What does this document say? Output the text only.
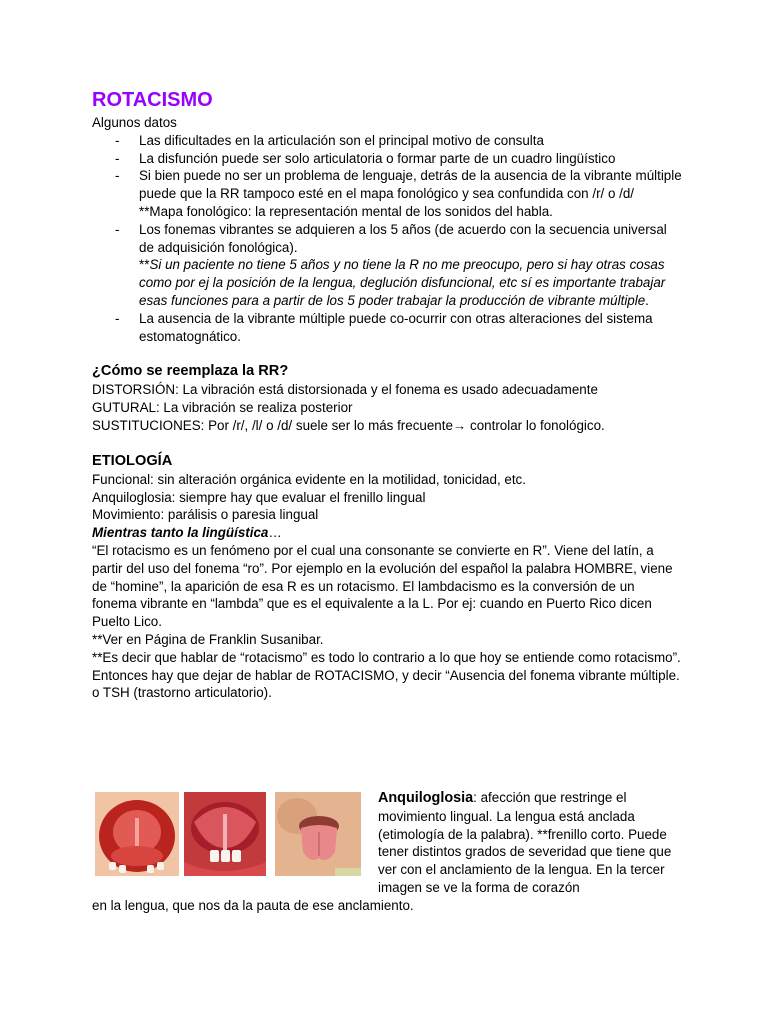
ROTACISMO

Algunos datos

- Las dificultades en la articulación son el principal motivo de consulta
- La disfunción puede ser solo articulatoria o formar parte de un cuadro lingüístico
- Si bien puede no ser un problema de lenguaje, detrás de la ausencia de la vibrante múltiple puede que la RR tampoco esté en el mapa fonológico y sea confundida con /r/ o /d/
**Mapa fonológico: la representación mental de los sonidos del habla.
- Los fonemas vibrantes se adquieren a los 5 años (de acuerdo con la secuencia universal de adquisición fonológica).
**Si un paciente no tiene 5 años y no tiene la R no me preocupo, pero si hay otras cosas como por ej la posición de la lengua, deglución disfuncional, etc sí es importante trabajar esas funciones para a partir de los 5 poder trabajar la producción de vibrante múltiple.
- La ausencia de la vibrante múltiple puede co-ocurrir con otras alteraciones del sistema estomatognático.
¿Cómo se reemplaza la RR?

DISTORSIÓN: La vibración está distorsionada y el fonema es usado adecuadamente

GUTURAL: La vibración se realiza posterior

SUSTITUCIONES: Por /r/, /l/ o /d/ suele ser lo más frecuente→ controlar lo fonológico.

ETIOLOGÍA

Funcional: sin alteración orgánica evidente en la motilidad, tonicidad, etc.

Anquiloglosia: siempre hay que evaluar el frenillo lingual

Movimiento: parálisis o paresia lingual

Mientras tanto la lingüística…

“El rotacismo es un fenómeno por el cual una consonante se convierte en R”. Viene del latín, a partir del uso del fonema “ro”. Por ejemplo en la evolución del español la palabra HOMBRE, viene de “homine”, la aparición de esa R es un rotacismo. El lambdacismo es la conversión de un fonema vibrante en “lambda” que es el equivalente a la L. Por ej: cuando en Puerto Rico dicen Puelto Lico.

**Ver en Página de Franklin Susanibar.

**Es decir que hablar de “rotacismo” es todo lo contrario a lo que hoy se entiende como rotacismo”.

Entonces hay que dejar de hablar de ROTACISMO, y decir “Ausencia del fonema vibrante múltiple. o TSH (trastorno articulatorio).

Anquiloglosia: afección que restringe el movimiento lingual. La lengua está anclada (etimología de la palabra). **frenillo corto. Puede tener distintos grados de severidad que tiene que ver con el anclamiento de la lengua. En la tercer imagen se ve la forma de corazón
en la lengua, que nos da la pauta de ese anclamiento.
